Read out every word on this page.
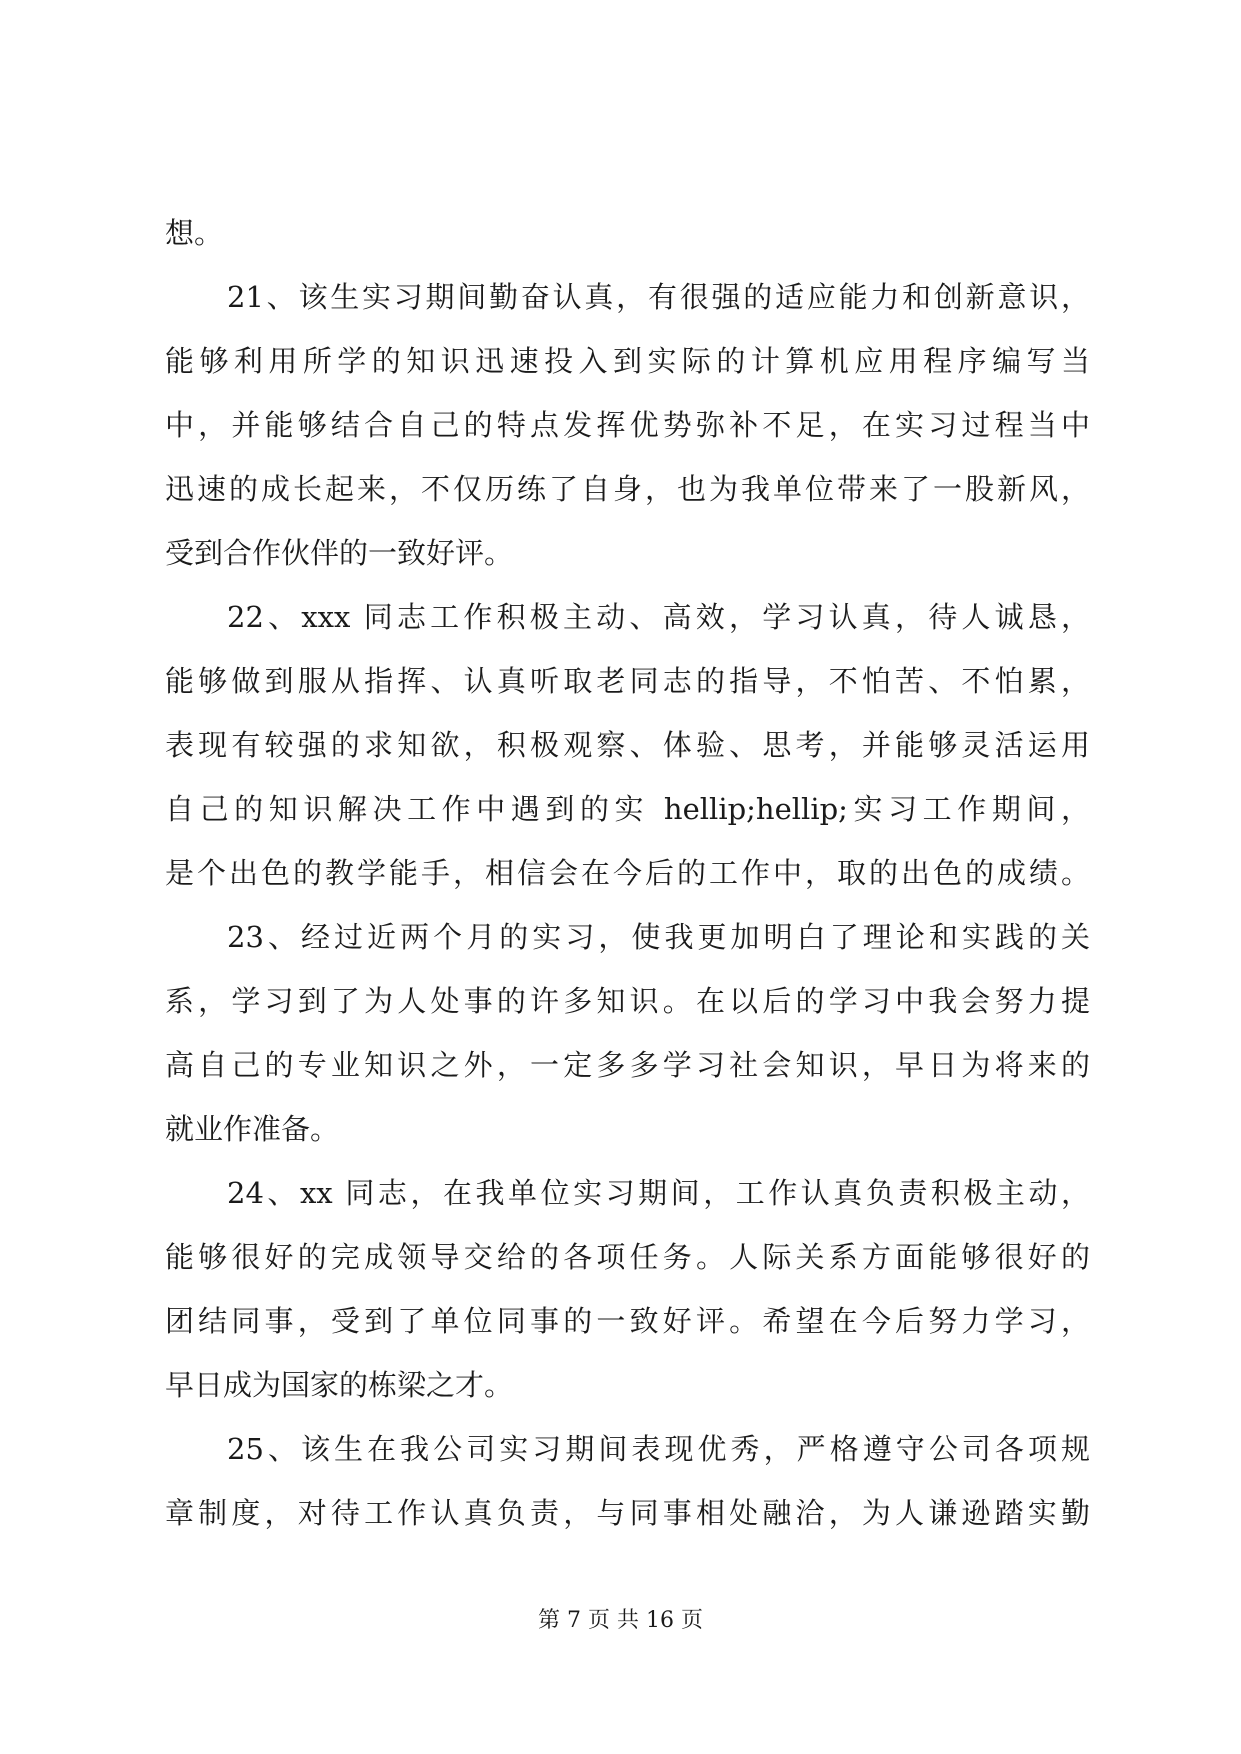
想。
21、该生实习期间勤奋认真，有很强的适应能力和创新意识，
能够利用所学的知识迅速投入到实际的计算机应用程序编写当
中，并能够结合自己的特点发挥优势弥补不足，在实习过程当中
迅速的成长起来，不仅历练了自身，也为我单位带来了一股新风，
受到合作伙伴的一致好评。
22、xxx 同志工作积极主动、高效，学习认真，待人诚恳，
能够做到服从指挥、认真听取老同志的指导，不怕苦、不怕累，
表现有较强的求知欲，积极观察、体验、思考，并能够灵活运用
自己的知识解决工作中遇到的实 hellip;hellip;实习工作期间，
是个出色的教学能手，相信会在今后的工作中，取的出色的成绩。
23、经过近两个月的实习，使我更加明白了理论和实践的关
系，学习到了为人处事的许多知识。在以后的学习中我会努力提
高自己的专业知识之外，一定多多学习社会知识，早日为将来的
就业作准备。
24、xx 同志，在我单位实习期间，工作认真负责积极主动，
能够很好的完成领导交给的各项任务。人际关系方面能够很好的
团结同事，受到了单位同事的一致好评。希望在今后努力学习，
早日成为国家的栋梁之才。
25、该生在我公司实习期间表现优秀，严格遵守公司各项规
章制度，对待工作认真负责，与同事相处融洽，为人谦逊踏实勤
第 7 页 共 16 页
